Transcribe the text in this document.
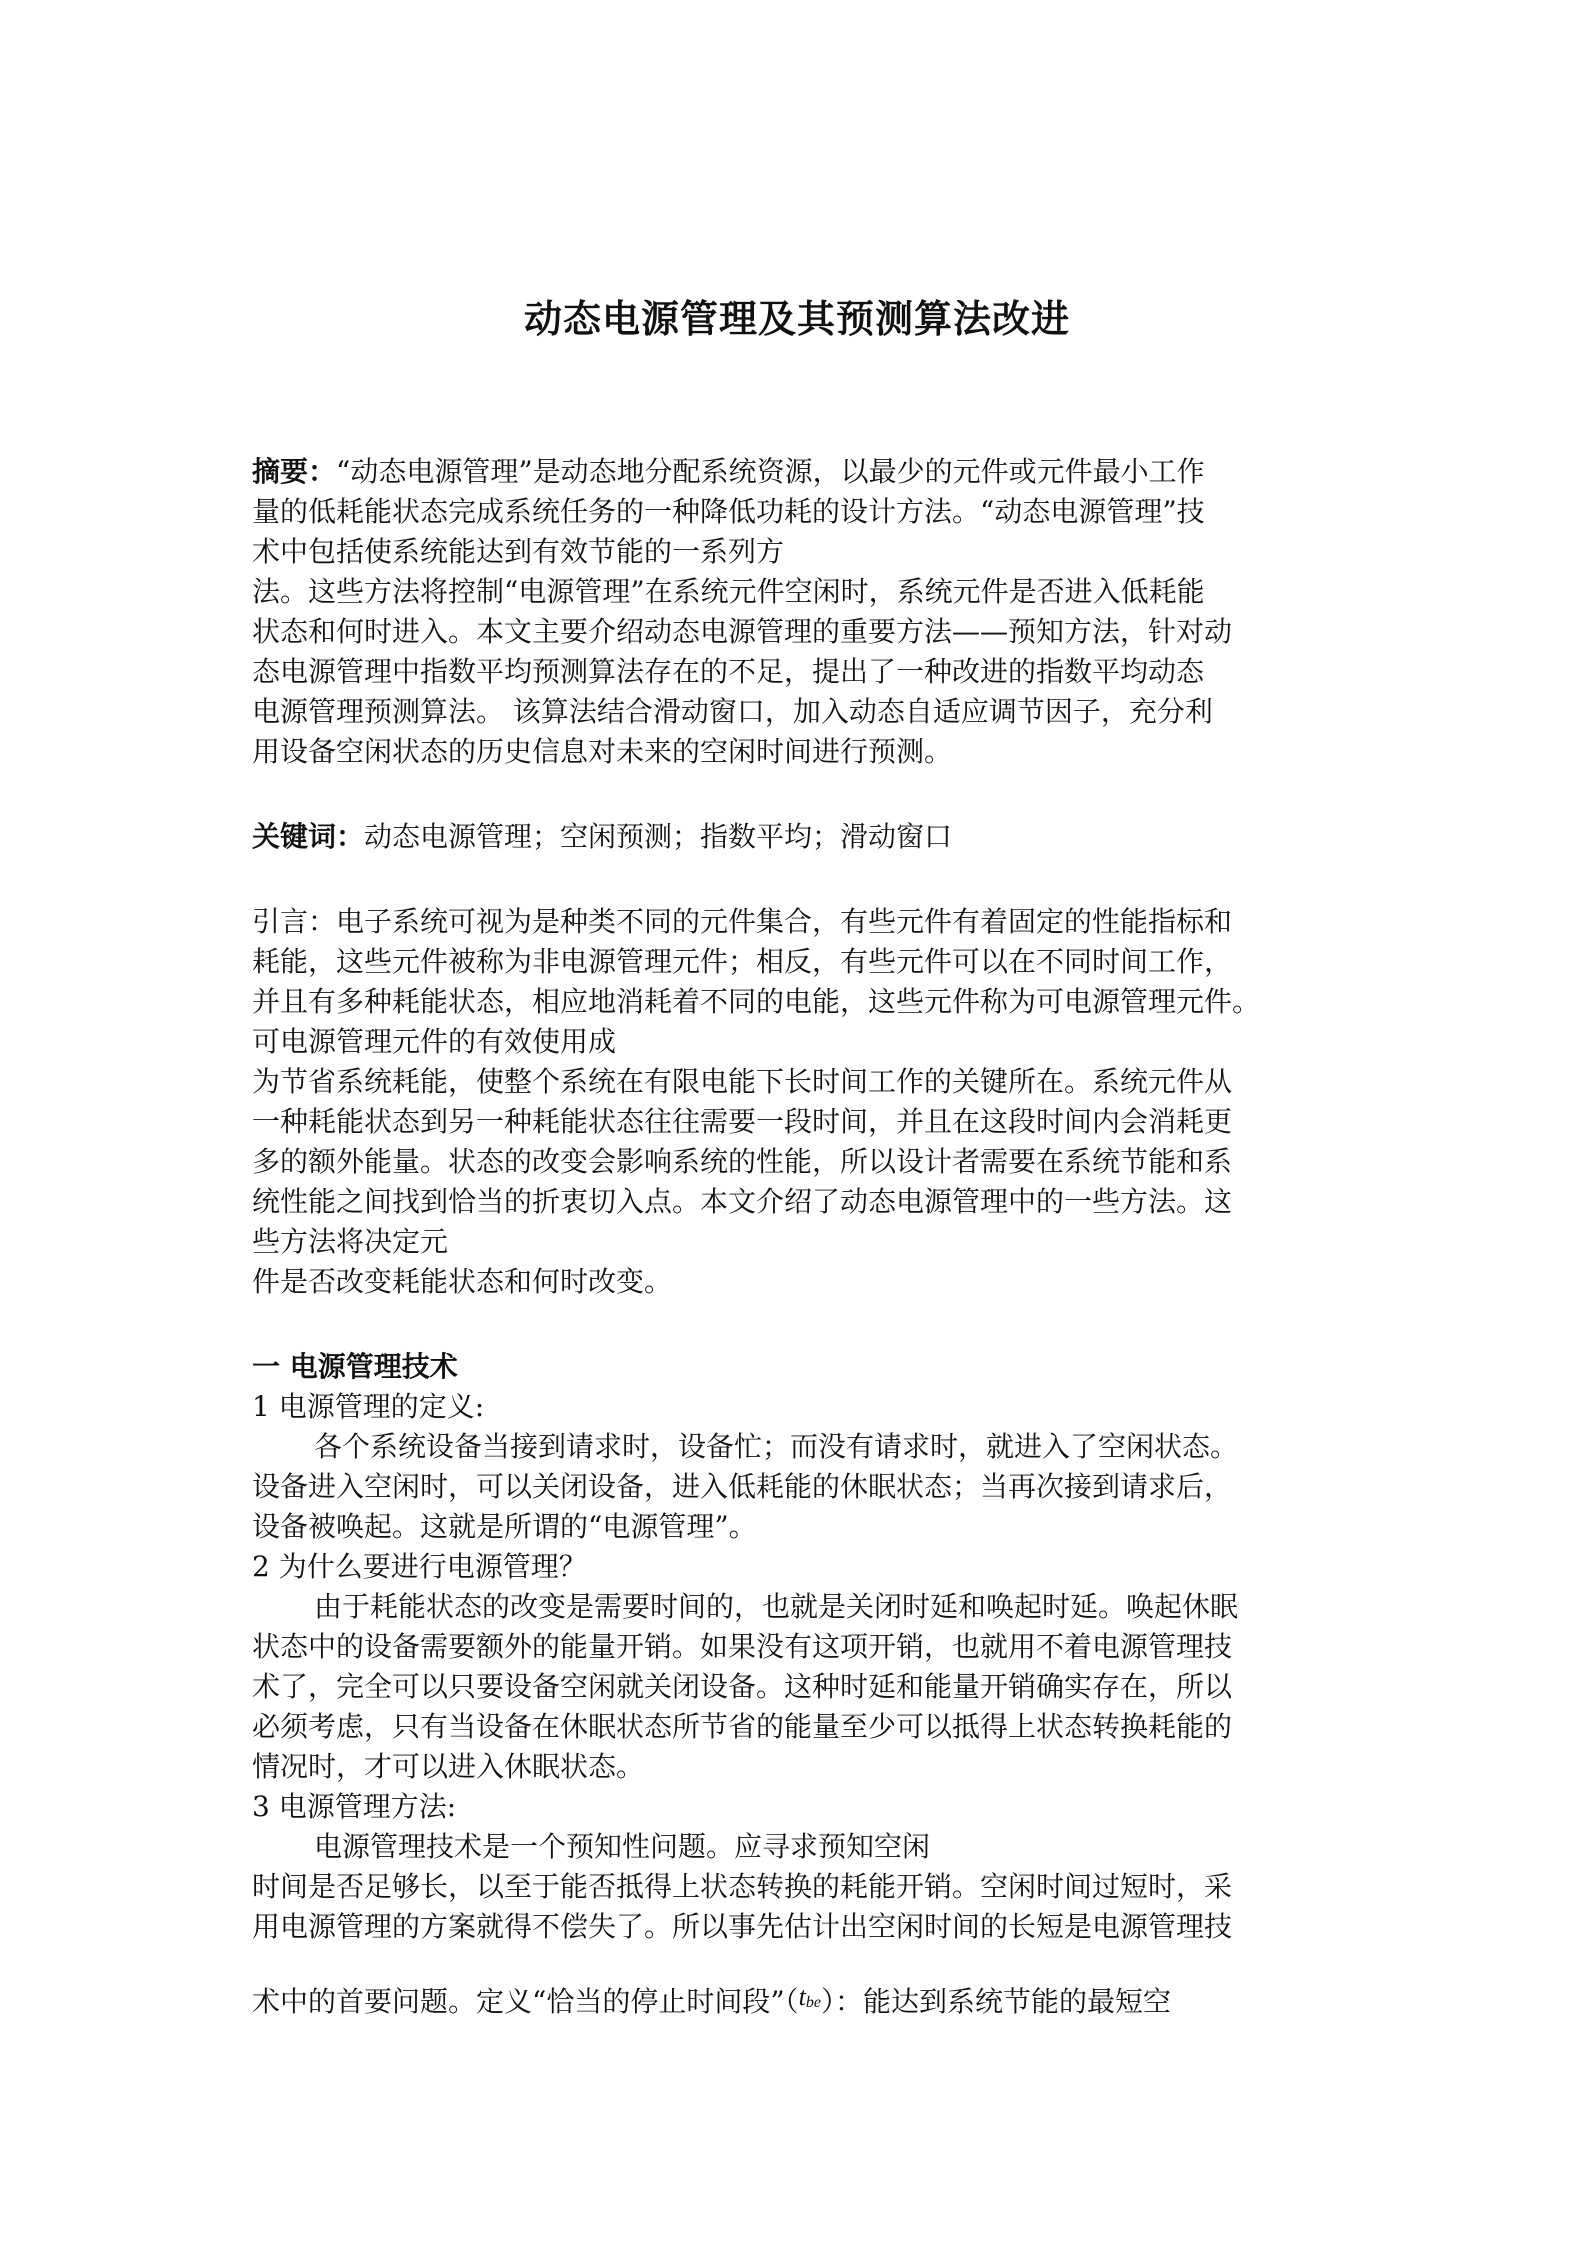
动态电源管理及其预测算法改进
摘要：“动态电源管理”是动态地分配系统资源，以最少的元件或元件最小工作
量的低耗能状态完成系统任务的一种降低功耗的设计方法。“动态电源管理”技
术中包括使系统能达到有效节能的一系列方
法。这些方法将控制“电源管理”在系统元件空闲时，系统元件是否进入低耗能
状态和何时进入。本文主要介绍动态电源管理的重要方法——预知方法，针对动
态电源管理中指数平均预测算法存在的不足，提出了一种改进的指数平均动态
电源管理预测算法。 该算法结合滑动窗口，加入动态自适应调节因子，充分利
用设备空闲状态的历史信息对未来的空闲时间进行预测。
关键词：动态电源管理；空闲预测；指数平均；滑动窗口
引言：电子系统可视为是种类不同的元件集合，有些元件有着固定的性能指标和
耗能，这些元件被称为非电源管理元件；相反，有些元件可以在不同时间工作，
并且有多种耗能状态，相应地消耗着不同的电能，这些元件称为可电源管理元件。
可电源管理元件的有效使用成
为节省系统耗能，使整个系统在有限电能下长时间工作的关键所在。系统元件从
一种耗能状态到另一种耗能状态往往需要一段时间，并且在这段时间内会消耗更
多的额外能量。状态的改变会影响系统的性能，所以设计者需要在系统节能和系
统性能之间找到恰当的折衷切入点。本文介绍了动态电源管理中的一些方法。这
些方法将决定元
件是否改变耗能状态和何时改变。
一 电源管理技术
1 电源管理的定义:
各个系统设备当接到请求时，设备忙；而没有请求时，就进入了空闲状态。
设备进入空闲时，可以关闭设备，进入低耗能的休眠状态；当再次接到请求后，
设备被唤起。这就是所谓的“电源管理”。
2 为什么要进行电源管理？
由于耗能状态的改变是需要时间的，也就是关闭时延和唤起时延。唤起休眠
状态中的设备需要额外的能量开销。如果没有这项开销，也就用不着电源管理技
术了，完全可以只要设备空闲就关闭设备。这种时延和能量开销确实存在，所以
必须考虑，只有当设备在休眠状态所节省的能量至少可以抵得上状态转换耗能的
情况时，才可以进入休眠状态。
3 电源管理方法:
电源管理技术是一个预知性问题。应寻求预知空闲
时间是否足够长，以至于能否抵得上状态转换的耗能开销。空闲时间过短时，采
用电源管理的方案就得不偿失了。所以事先估计出空闲时间的长短是电源管理技
术中的首要问题。定义“恰当的停止时间段$”(t_{be})$：能达到系统节能的最短空
